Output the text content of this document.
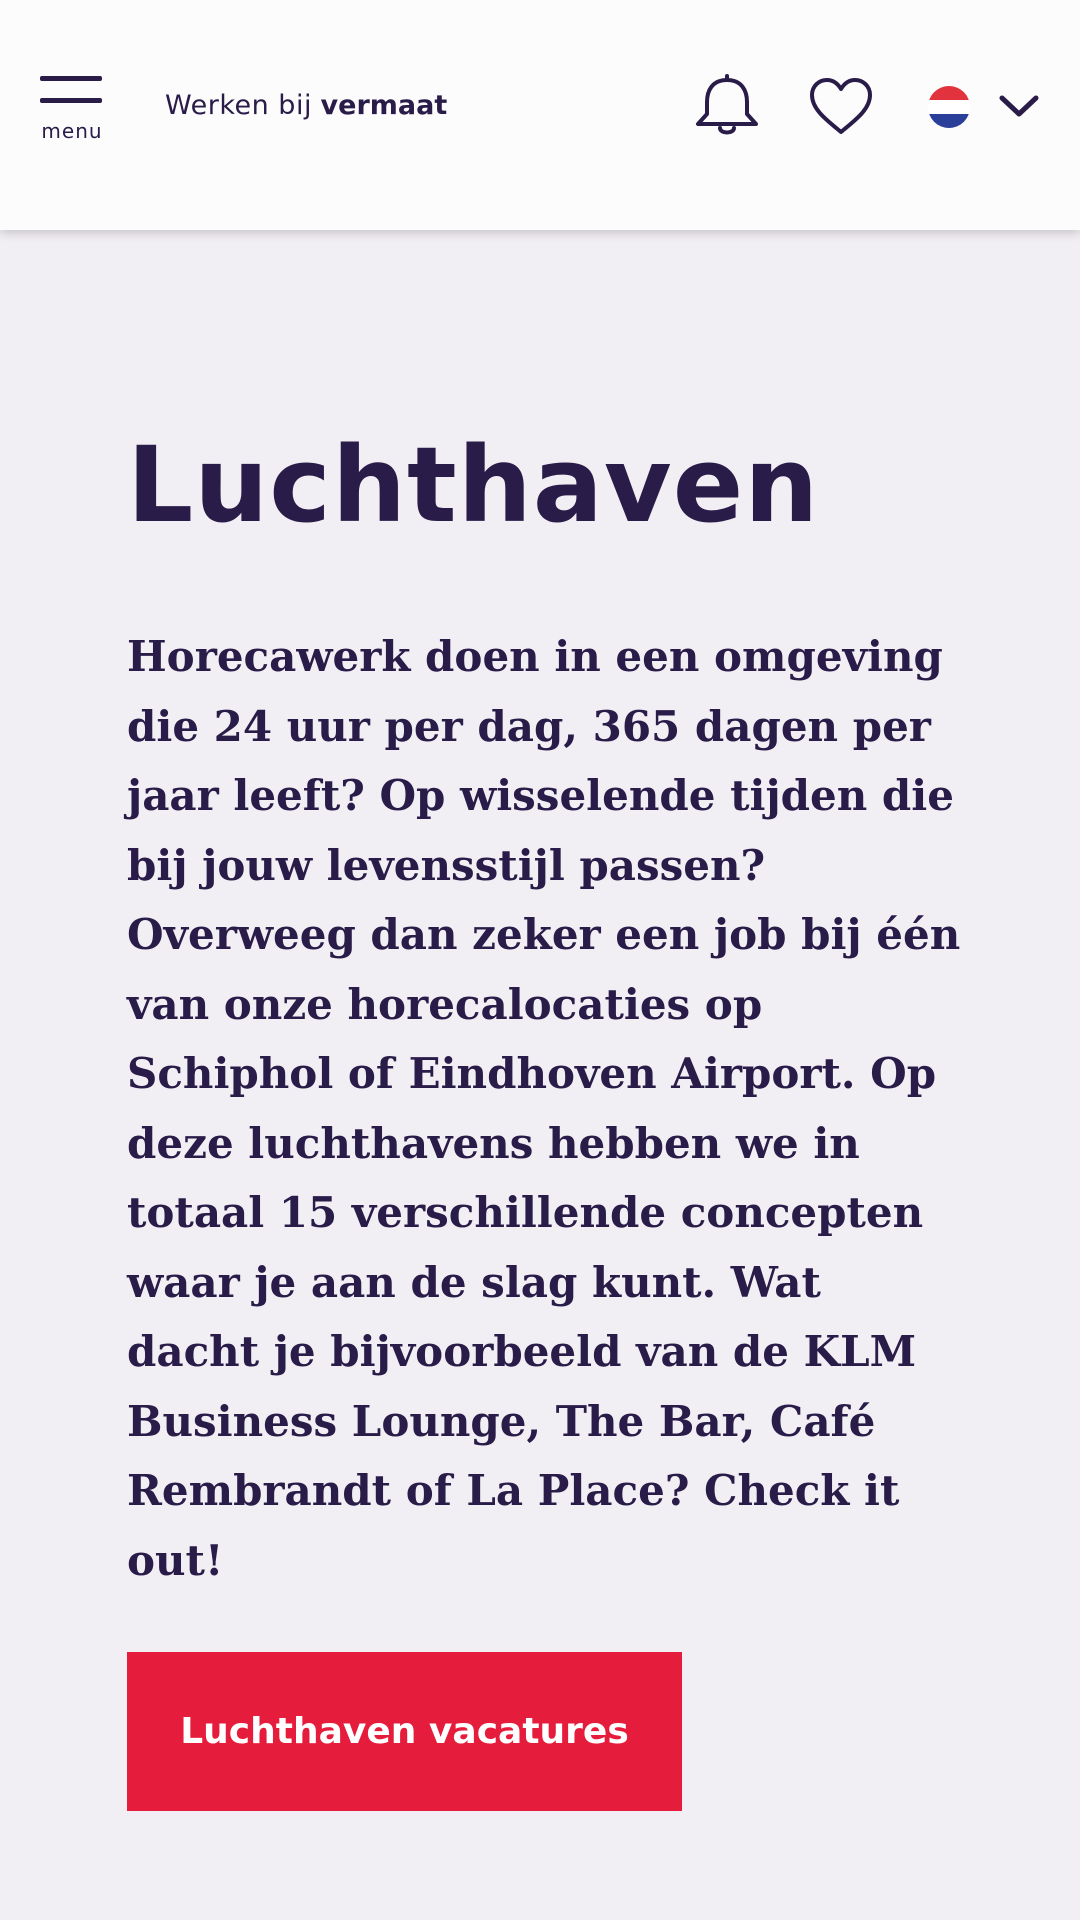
menu
Werken bij vermaat
Luchthaven

Horecawerk doen in een omgeving die 24 uur per dag, 365 dagen per jaar leeft? Op wisselende tijden die bij jouw levensstijl passen? Overweeg dan zeker een job bij één van onze horecalocaties op Schiphol of Eindhoven Airport. Op deze luchthavens hebben we in totaal 15 verschillende concepten waar je aan de slag kunt. Wat dacht je bijvoorbeeld van de KLM Business Lounge, The Bar, Café Rembrandt of La Place? Check it out!

Luchthaven vacatures
